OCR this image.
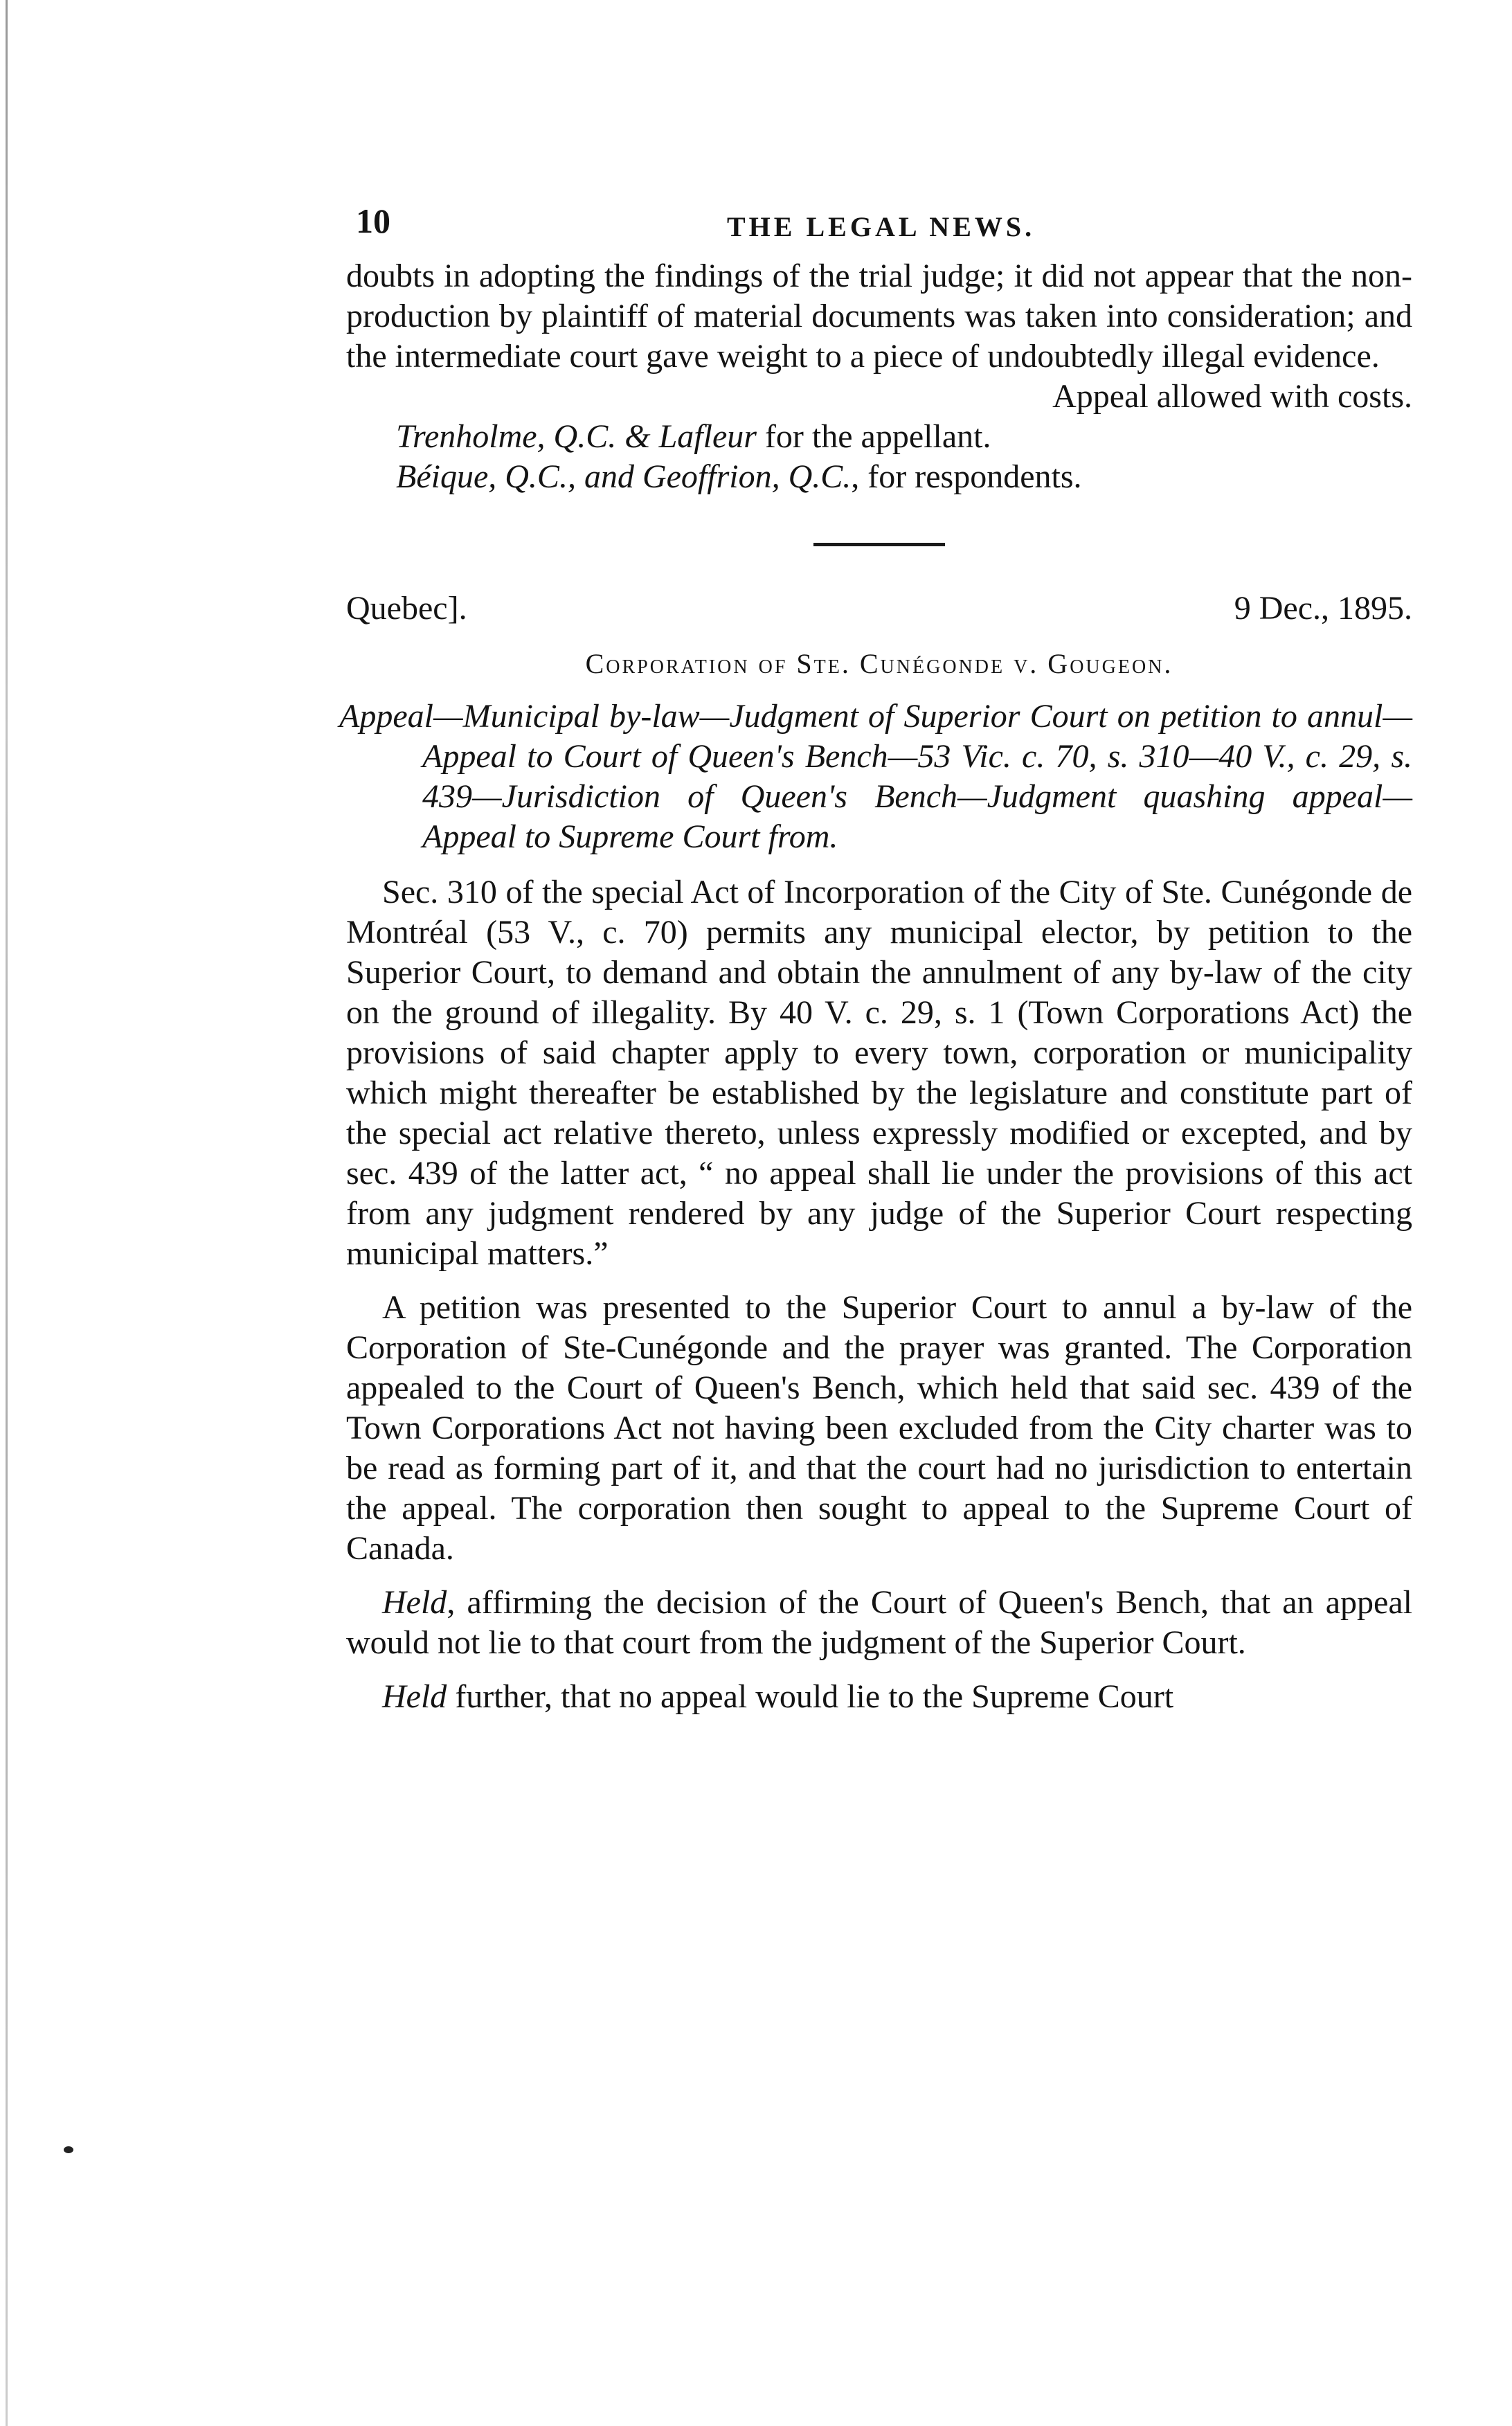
10	THE LEGAL NEWS.

doubts in adopting the findings of the trial judge; it did not appear that the non-production by plaintiff of material documents was taken into consideration; and the intermediate court gave weight to a piece of undoubtedly illegal evidence.

Appeal allowed with costs.

Trenholme, Q.C. & Lafleur for the appellant.

Béique, Q.C., and Geoffrion, Q.C., for respondents.

Quebec].	9 Dec., 1895.
Corporation of Ste. Cunégonde v. Gougeon.

Appeal—Municipal by-law—Judgment of Superior Court on petition to annul—Appeal to Court of Queen's Bench—53 Vic. c. 70, s. 310—40 V., c. 29, s. 439—Jurisdiction of Queen's Bench—Judgment quashing appeal—Appeal to Supreme Court from.

Sec. 310 of the special Act of Incorporation of the City of Ste. Cunégonde de Montréal (53 V., c. 70) permits any municipal elector, by petition to the Superior Court, to demand and obtain the annulment of any by-law of the city on the ground of illegality. By 40 V. c. 29, s. 1 (Town Corporations Act) the provisions of said chapter apply to every town, corporation or municipality which might thereafter be established by the legislature and constitute part of the special act relative thereto, unless expressly modified or excepted, and by sec. 439 of the latter act, “ no appeal shall lie under the provisions of this act from any judgment rendered by any judge of the Superior Court respecting municipal matters.”

A petition was presented to the Superior Court to annul a by-law of the Corporation of Ste-Cunégonde and the prayer was granted. The Corporation appealed to the Court of Queen's Bench, which held that said sec. 439 of the Town Corporations Act not having been excluded from the City charter was to be read as forming part of it, and that the court had no jurisdiction to entertain the appeal. The corporation then sought to appeal to the Supreme Court of Canada.

Held, affirming the decision of the Court of Queen's Bench, that an appeal would not lie to that court from the judgment of the Superior Court.

Held further, that no appeal would lie to the Supreme Court
